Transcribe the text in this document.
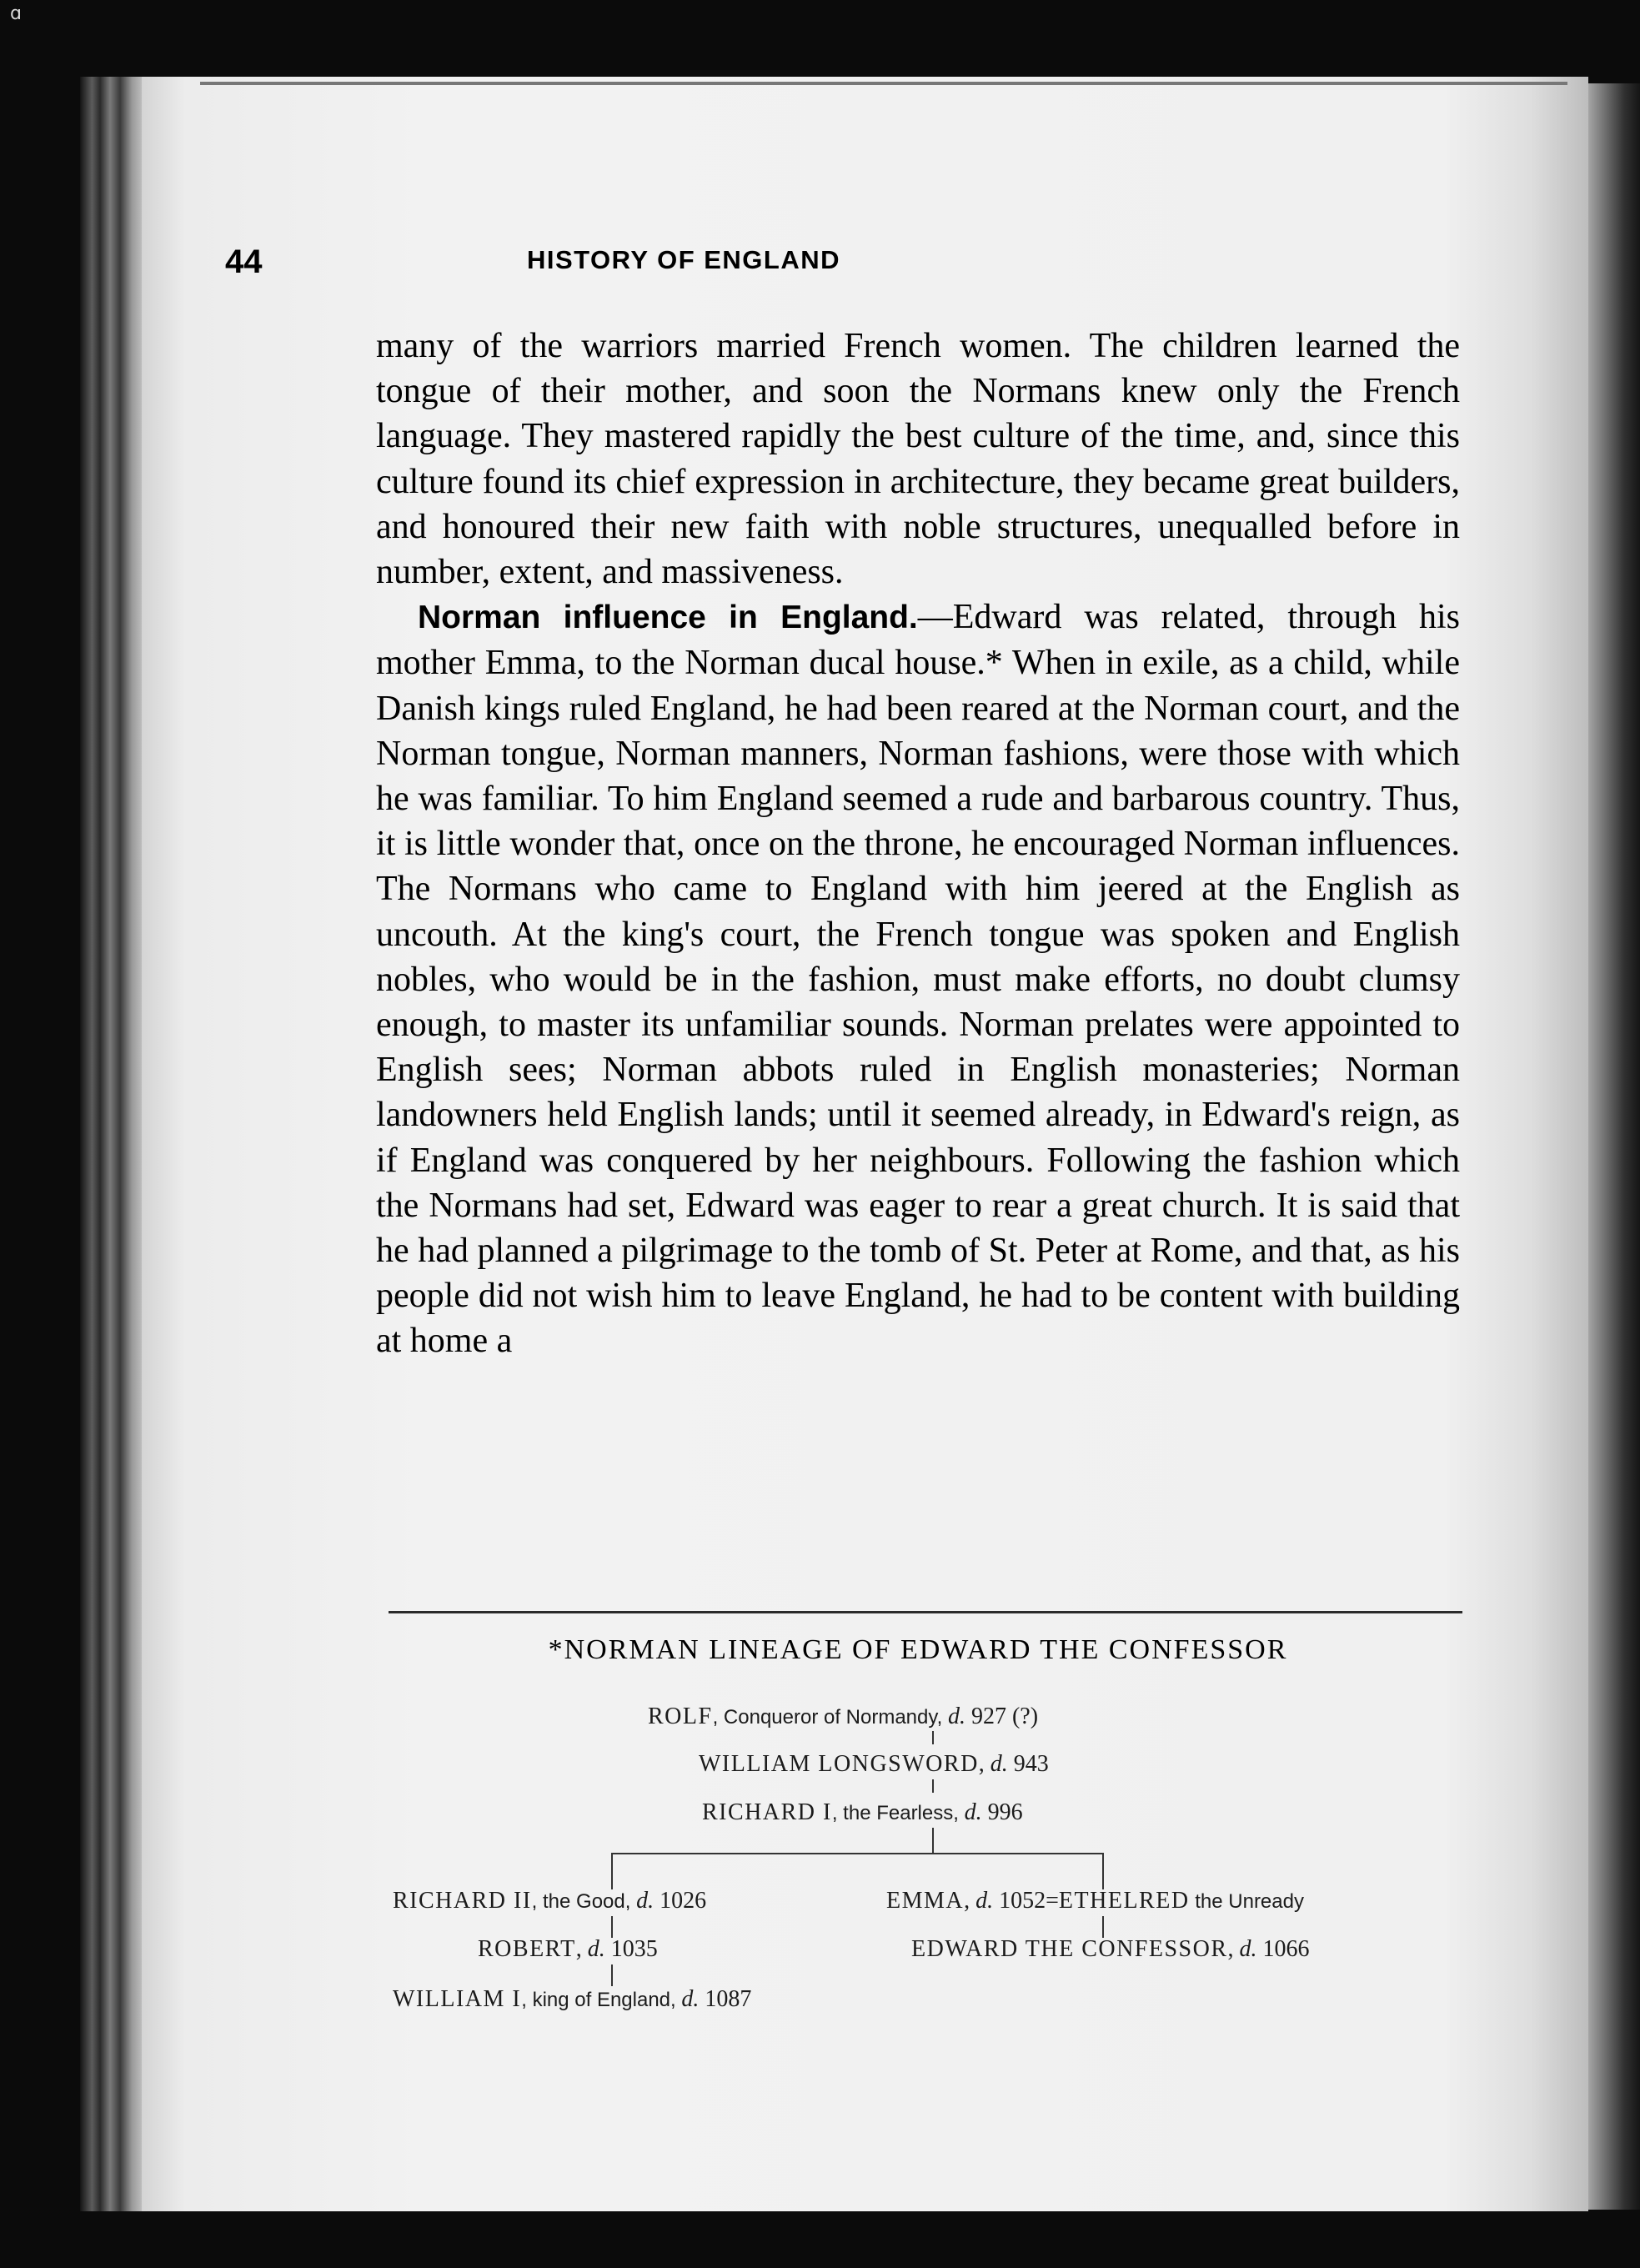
ɑ
44	HISTORY OF ENGLAND

many of the warriors married French women. The children learned the tongue of their mother, and soon the Normans knew only the French language. They mastered rapidly the best culture of the time, and, since this culture found its chief expression in architecture, they became great builders, and honoured their new faith with noble structures, unequalled before in number, extent, and massiveness.

Norman influence in England.—Edward was related, through his mother Emma, to the Norman ducal house.* When in exile, as a child, while Danish kings ruled England, he had been reared at the Norman court, and the Norman tongue, Norman manners, Norman fashions, were those with which he was familiar. To him England seemed a rude and barbarous country. Thus, it is little wonder that, once on the throne, he encouraged Norman influences. The Normans who came to England with him jeered at the English as uncouth. At the king's court, the French tongue was spoken and English nobles, who would be in the fashion, must make efforts, no doubt clumsy enough, to master its unfamiliar sounds. Norman prelates were appointed to English sees; Norman abbots ruled in English monasteries; Norman landowners held English lands; until it seemed already, in Edward's reign, as if England was conquered by her neighbours. Following the fashion which the Normans had set, Edward was eager to rear a great church. It is said that he had planned a pilgrimage to the tomb of St. Peter at Rome, and that, as his people did not wish him to leave England, he had to be content with building at home a

*NORMAN LINEAGE OF EDWARD THE CONFESSOR
ROLF, Conqueror of Normandy, d. 927 (?)
WILLIAM LONGSWORD, d. 943
RICHARD I, the Fearless, d. 996
RICHARD II, the Good, d. 1026	EMMA, d. 1052=ETHELRED the Unready
ROBERT, d. 1035	EDWARD THE CONFESSOR, d. 1066
WILLIAM I, king of England, d. 1087
